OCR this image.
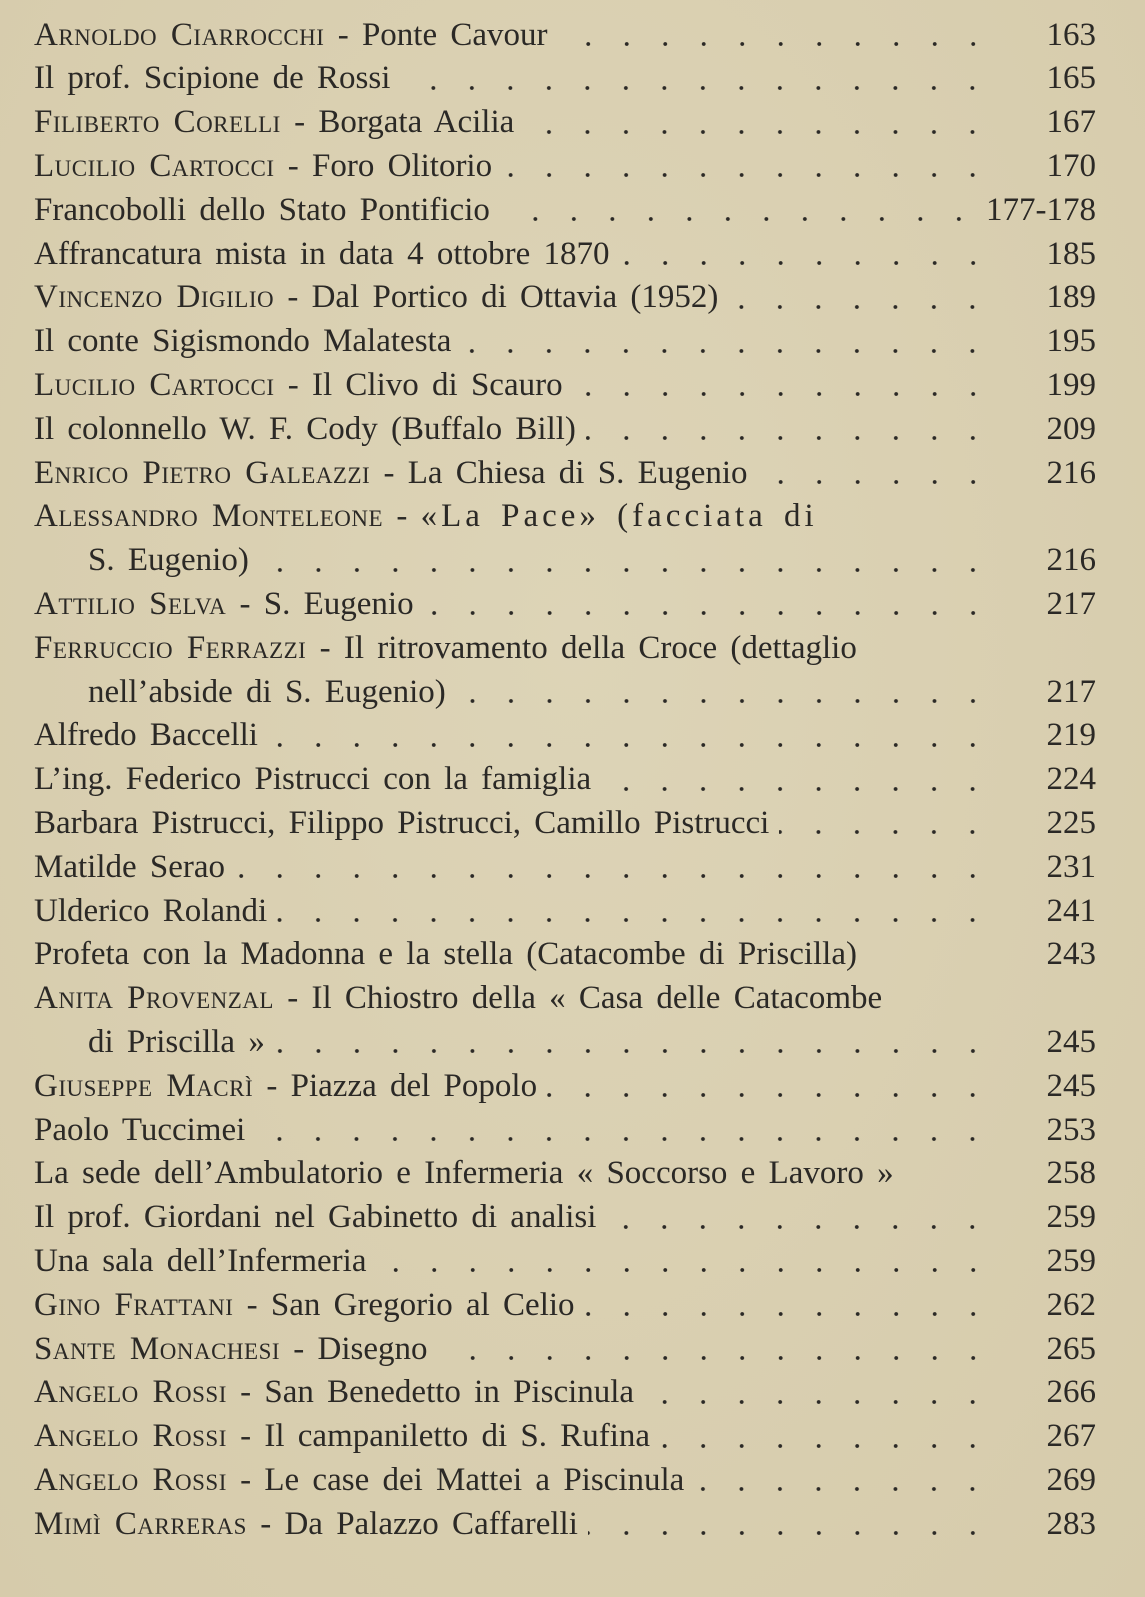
Arnoldo Ciarrocchi - Ponte Cavour	163
Il prof. Scipione de Rossi	165
Filiberto Corelli - Borgata Acilia	167
Lucilio Cartocci - Foro Olitorio	170
Francobolli dello Stato Pontificio	177-178
Affrancatura mista in data 4 ottobre 1870	185
Vincenzo Digilio - Dal Portico di Ottavia (1952)	189
Il conte Sigismondo Malatesta	195
Lucilio Cartocci - Il Clivo di Scauro	199
Il colonnello W. F. Cody (Buffalo Bill)	209
Enrico Pietro Galeazzi - La Chiesa di S. Eugenio	216
Alessandro Monteleone - «La Pace» (facciata di
S. Eugenio)	216
Attilio Selva - S. Eugenio	217
Ferruccio Ferrazzi - Il ritrovamento della Croce (dettaglio
nell’abside di S. Eugenio)	217
Alfredo Baccelli	219
L’ing. Federico Pistrucci con la famiglia	224
Barbara Pistrucci, Filippo Pistrucci, Camillo Pistrucci	225
Matilde Serao	231
Ulderico Rolandi	241
Profeta con la Madonna e la stella (Catacombe di Priscilla)	243
Anita Provenzal - Il Chiostro della « Casa delle Catacombe
di Priscilla »	245
Giuseppe Macrì - Piazza del Popolo	245
Paolo Tuccimei	253
La sede dell’Ambulatorio e Infermeria « Soccorso e Lavoro »	258
Il prof. Giordani nel Gabinetto di analisi	259
Una sala dell’Infermeria	259
Gino Frattani - San Gregorio al Celio	262
Sante Monachesi - Disegno	265
Angelo Rossi - San Benedetto in Piscinula	266
Angelo Rossi - Il campaniletto di S. Rufina	267
Angelo Rossi - Le case dei Mattei a Piscinula	269
Mimì Carreras - Da Palazzo Caffarelli	283
